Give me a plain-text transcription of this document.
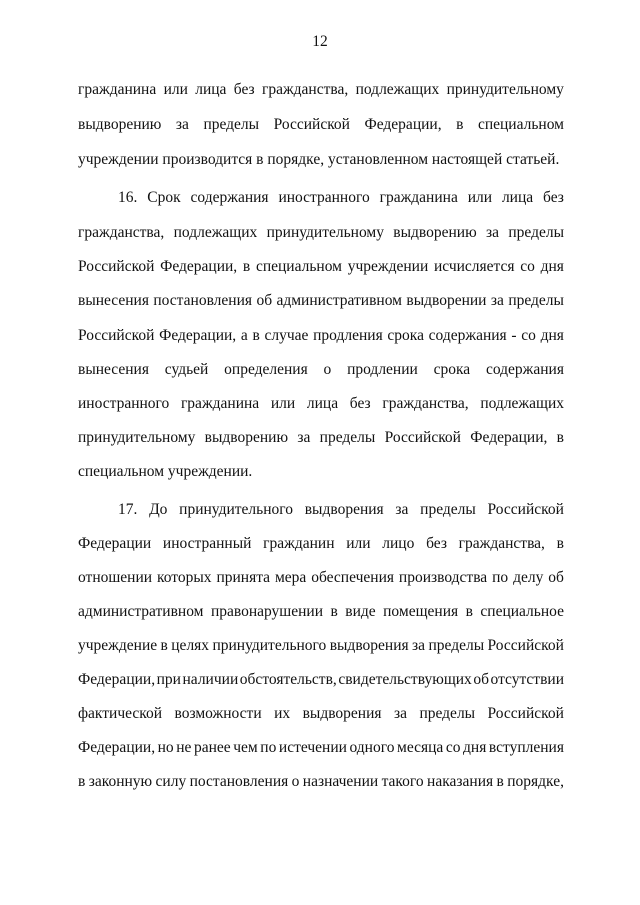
12
гражданина или лица без гражданства, подлежащих принудительному
выдворению за пределы Российской Федерации, в специальном
учреждении производится в порядке, установленном настоящей статьей.
16. Срок содержания иностранного гражданина или лица без
гражданства, подлежащих принудительному выдворению за пределы
Российской Федерации, в специальном учреждении исчисляется со дня
вынесения постановления об административном выдворении за пределы
Российской Федерации, а в случае продления срока содержания - со дня
вынесения судьей определения о продлении срока содержания
иностранного гражданина или лица без гражданства, подлежащих
принудительному выдворению за пределы Российской Федерации, в
специальном учреждении.
17. До принудительного выдворения за пределы Российской
Федерации иностранный гражданин или лицо без гражданства, в
отношении которых принята мера обеспечения производства по делу об
административном правонарушении в виде помещения в специальное
учреждение в целях принудительного выдворения за пределы Российской
Федерации, при наличии обстоятельств, свидетельствующих об отсутствии
фактической возможности их выдворения за пределы Российской
Федерации, но не ранее чем по истечении одного месяца со дня вступления
в законную силу постановления о назначении такого наказания в порядке,
